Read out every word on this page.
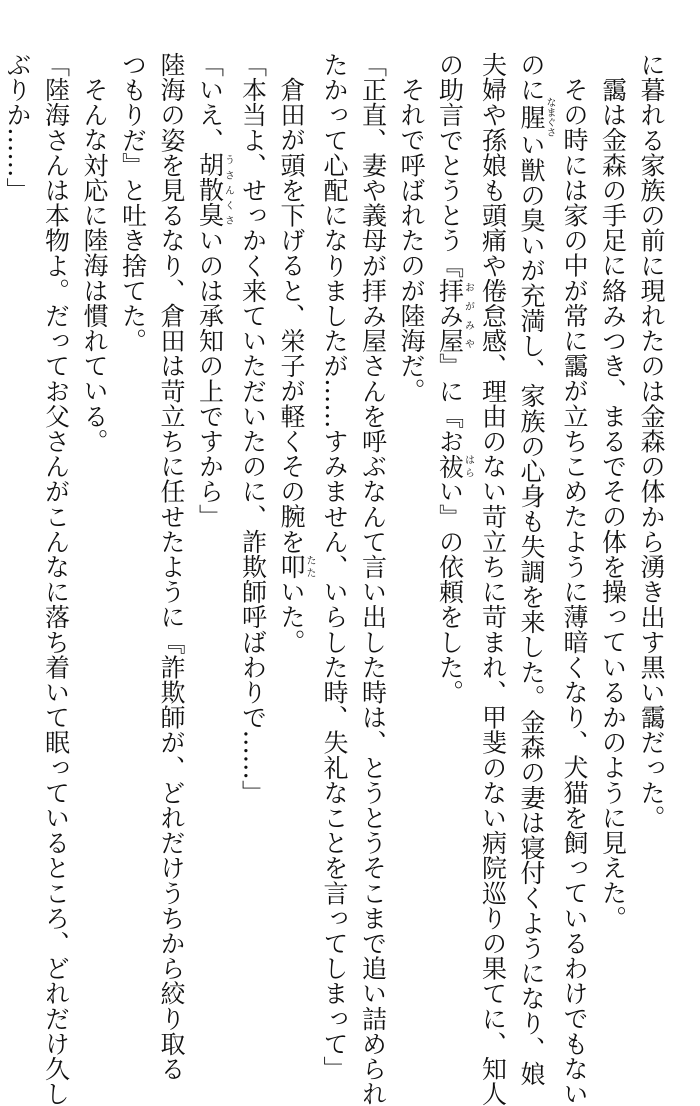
に暮れる家族の前に現れたのは金森の体から湧き出す黒い靄だった。
靄は金森の手足に絡みつき、まるでその体を操っているかのように見えた。
その時には家の中が常に靄が立ちこめたように薄暗くなり、犬猫を飼っているわけでもない
のに腥なまぐさい獣の臭いが充満し、家族の心身も失調を来した。金森の妻は寝付くようになり、娘
夫婦や孫娘も頭痛や倦怠感、理由のない苛立ちに苛まれ、甲斐のない病院巡りの果てに、知人
の助言でとうとう『拝み屋おがみや』に『お祓はらい』の依頼をした。
それで呼ばれたのが陸海だ。
「正直、妻や義母が拝み屋さんを呼ぶなんて言い出した時は、とうとうそこまで追い詰められ
たかって心配になりましたが……すみません、いらした時、失礼なことを言ってしまって」
倉田が頭を下げると、栄子が軽くその腕を叩たたいた。
「本当よ、せっかく来ていただいたのに、詐欺師呼ばわりで……」
「いえ、胡散臭うさんくさいのは承知の上ですから」
陸海の姿を見るなり、倉田は苛立ちに任せたように『詐欺師が、どれだけうちから絞り取る
つもりだ』と吐き捨てた。
そんな対応に陸海は慣れている。
「陸海さんは本物よ。だってお父さんがこんなに落ち着いて眠っているところ、どれだけ久し
ぶりか……」
